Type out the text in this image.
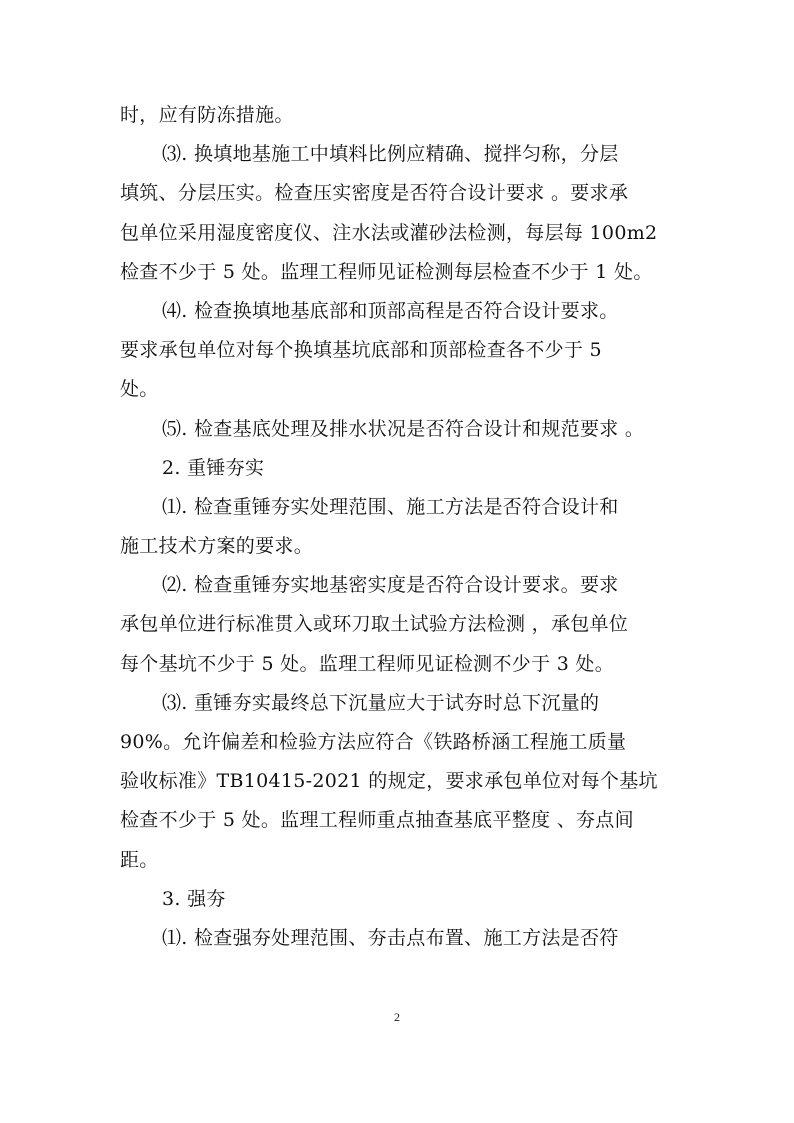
时，应有防冻措施。
⑶. 换填地基施工中填料比例应精确、搅拌匀称，分层
填筑、分层压实。检查压实密度是否符合设计要求 。要求承
包单位采用湿度密度仪、注水法或灌砂法检测，每层每 100m2
检查不少于 5 处。监理工程师见证检测每层检查不少于 1 处。
⑷. 检查换填地基底部和顶部高程是否符合设计要求。
要求承包单位对每个换填基坑底部和顶部检查各不少于 5
处。
⑸. 检查基底处理及排水状况是否符合设计和规范要求 。
2. 重锤夯实
⑴. 检查重锤夯实处理范围、施工方法是否符合设计和
施工技术方案的要求。
⑵. 检查重锤夯实地基密实度是否符合设计要求。要求
承包单位进行标准贯入或环刀取土试验方法检测 ，承包单位
每个基坑不少于 5 处。监理工程师见证检测不少于 3 处。
⑶. 重锤夯实最终总下沉量应大于试夯时总下沉量的
90%。允许偏差和检验方法应符合《铁路桥涵工程施工质量
验收标准》TB10415-2021 的规定，要求承包单位对每个基坑
检查不少于 5 处。监理工程师重点抽查基底平整度 、夯点间
距。
3. 强夯
⑴. 检查强夯处理范围、夯击点布置、施工方法是否符
2
